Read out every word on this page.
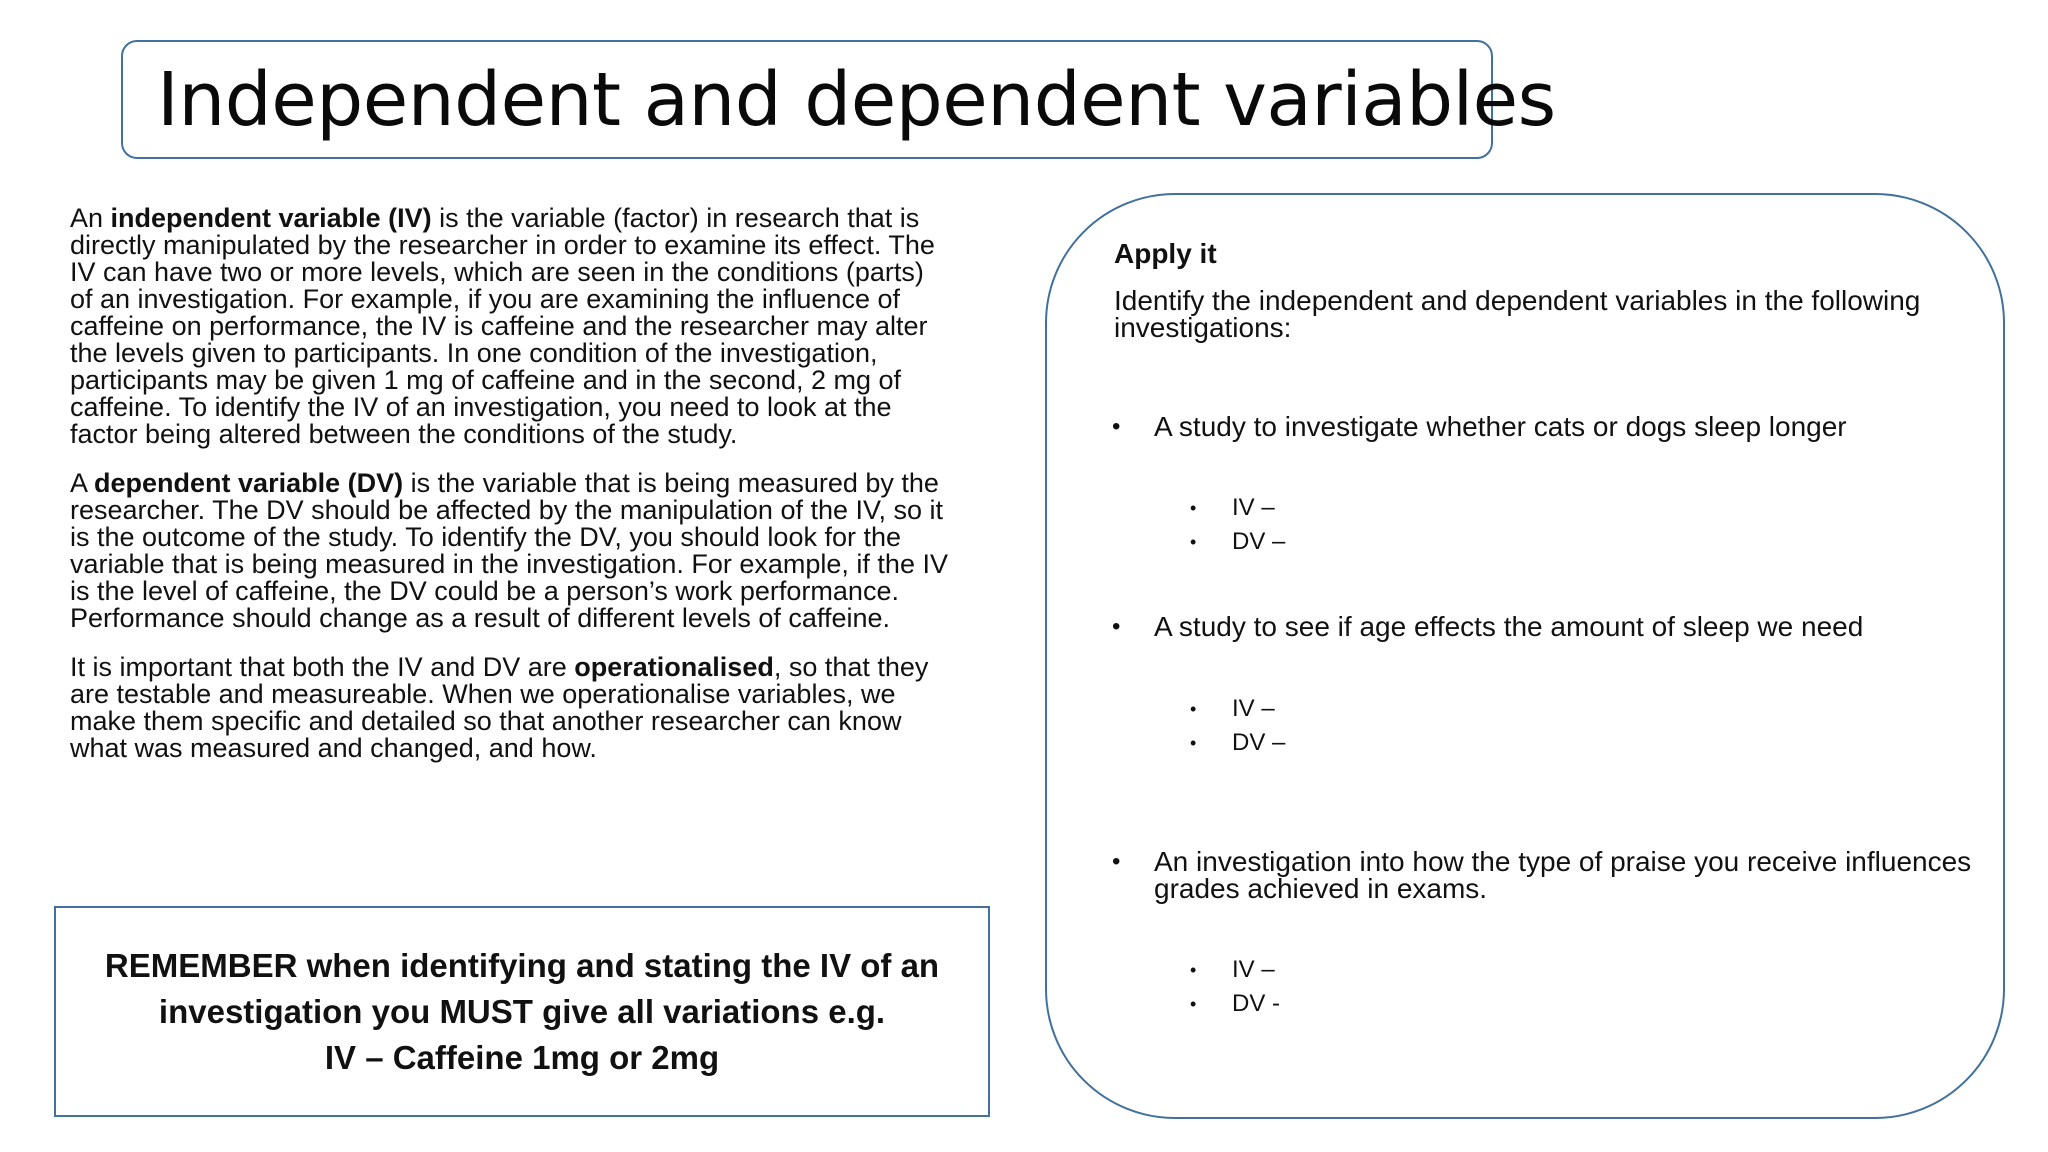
Independent and dependent variables

An independent variable (IV) is the variable (factor) in research that is directly manipulated by the researcher in order to examine its effect. The IV can have two or more levels, which are seen in the conditions (parts) of an investigation. For example, if you are examining the influence of caffeine on performance, the IV is caffeine and the researcher may alter the levels given to participants. In one condition of the investigation, participants may be given 1 mg of caffeine and in the second, 2 mg of caffeine. To identify the IV of an investigation, you need to look at the factor being altered between the conditions of the study.

A dependent variable (DV) is the variable that is being measured by the researcher. The DV should be affected by the manipulation of the IV, so it is the outcome of the study. To identify the DV, you should look for the variable that is being measured in the investigation. For example, if the IV is the level of caffeine, the DV could be a person’s work performance. Performance should change as a result of different levels of caffeine.

It is important that both the IV and DV are operationalised, so that they are testable and measureable. When we operationalise variables, we make them specific and detailed so that another researcher can know what was measured and changed, and how.

REMEMBER when identifying and stating the IV of an
investigation you MUST give all variations e.g.
IV – Caffeine 1mg or 2mg
Apply it
Identify the independent and dependent variables in the following investigations:
•	A study to investigate whether cats or dogs sleep longer
•	IV –
•	DV –
•	A study to see if age effects the amount of sleep we need
•	IV –
•	DV –
•	An investigation into how the type of praise you receive influences grades achieved in exams.
•	IV –
•	DV -
